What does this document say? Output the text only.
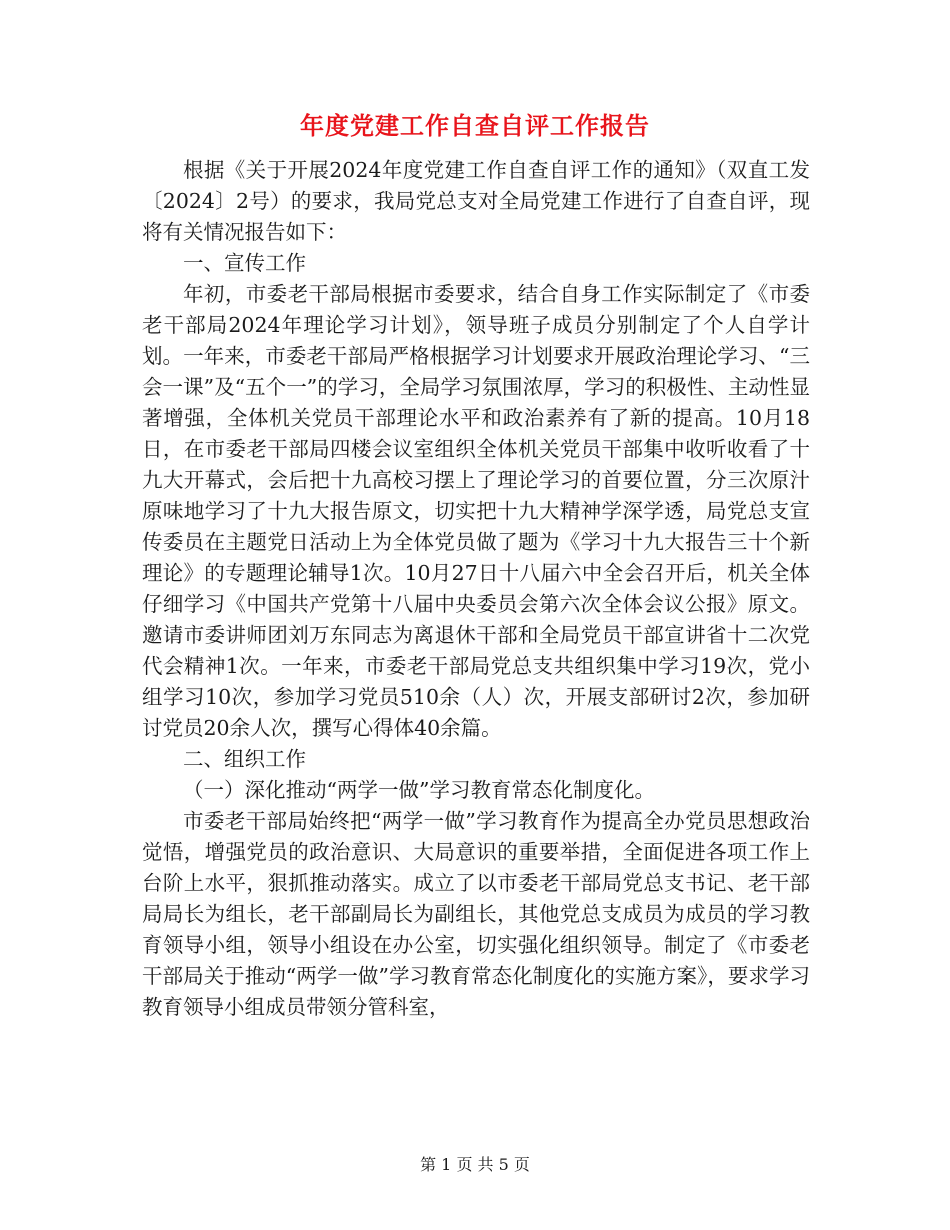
年度党建工作自查自评工作报告

根据《关于开展2024年度党建工作自查自评工作的通知》（双直工发〔2024〕2号）的要求，我局党总支对全局党建工作进行了自查自评，现将有关情况报告如下：

一、宣传工作

年初，市委老干部局根据市委要求，结合自身工作实际制定了《市委老干部局2024年理论学习计划》，领导班子成员分别制定了个人自学计划。一年来，市委老干部局严格根据学习计划要求开展政治理论学习、“三会一课”及“五个一”的学习，全局学习氛围浓厚，学习的积极性、主动性显著增强，全体机关党员干部理论水平和政治素养有了新的提高。10月18日，在市委老干部局四楼会议室组织全体机关党员干部集中收听收看了十九大开幕式，会后把十九高校习摆上了理论学习的首要位置，分三次原汁原味地学习了十九大报告原文，切实把十九大精神学深学透，局党总支宣传委员在主题党日活动上为全体党员做了题为《学习十九大报告三十个新理论》的专题理论辅导1次。10月27日十八届六中全会召开后，机关全体仔细学习《中国共产党第十八届中央委员会第六次全体会议公报》原文。邀请市委讲师团刘万东同志为离退休干部和全局党员干部宣讲省十二次党代会精神1次。一年来，市委老干部局党总支共组织集中学习19次，党小组学习10次，参加学习党员510余（人）次，开展支部研讨2次，参加研讨党员20余人次，撰写心得体40余篇。

二、组织工作

（一）深化推动“两学一做”学习教育常态化制度化。

市委老干部局始终把“两学一做”学习教育作为提高全办党员思想政治觉悟，增强党员的政治意识、大局意识的重要举措，全面促进各项工作上台阶上水平，狠抓推动落实。成立了以市委老干部局党总支书记、老干部局局长为组长，老干部副局长为副组长，其他党总支成员为成员的学习教育领导小组，领导小组设在办公室，切实强化组织领导。制定了《市委老干部局关于推动“两学一做”学习教育常态化制度化的实施方案》，要求学习教育领导小组成员带领分管科室，

第 1 页 共 5 页
